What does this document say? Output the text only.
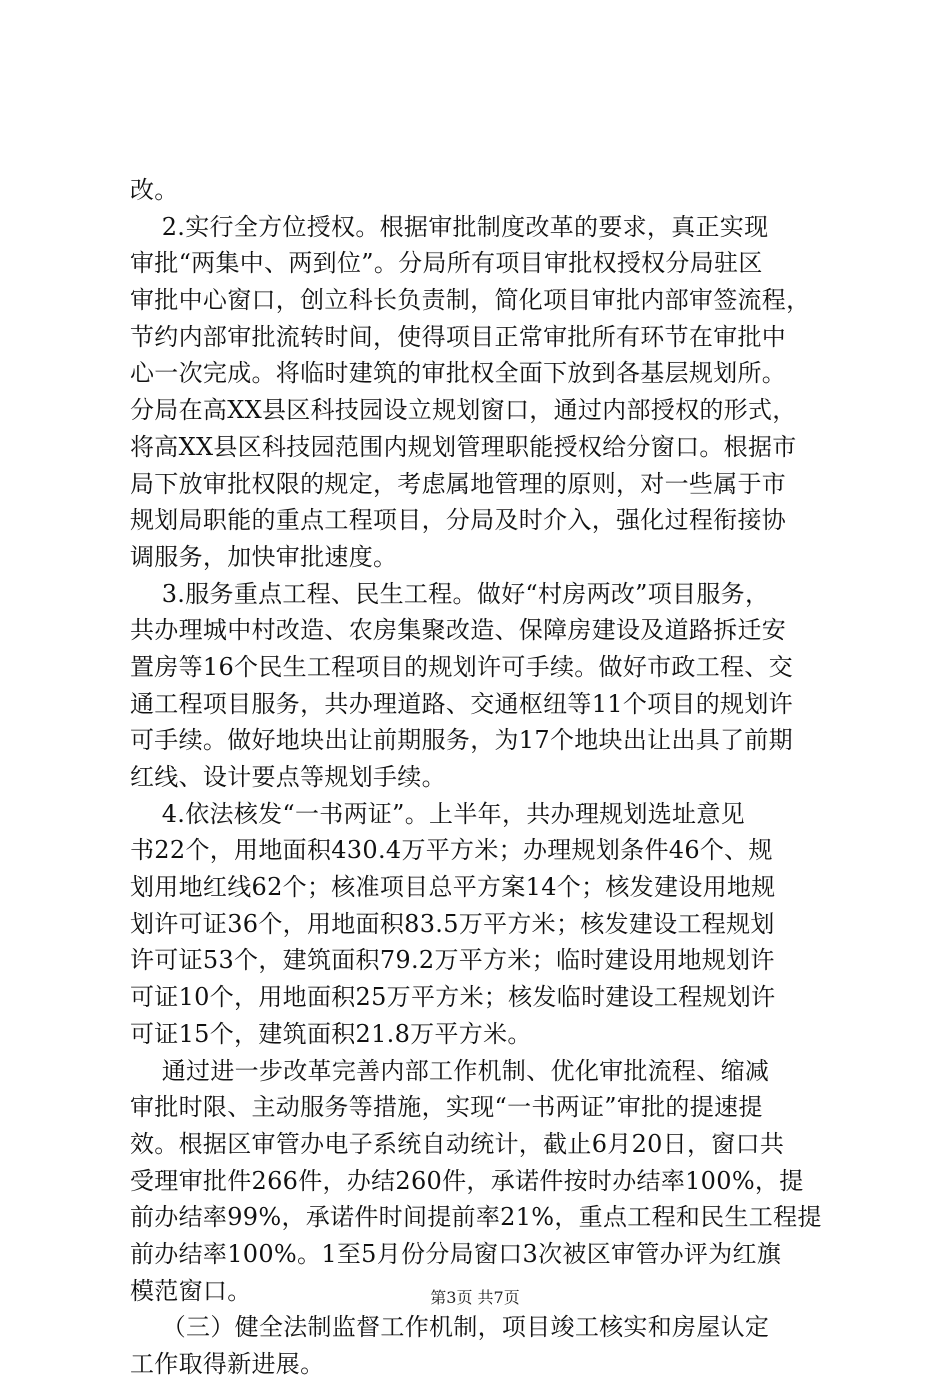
改。
2.实行全方位授权。根据审批制度改革的要求，真正实现
审批“两集中、两到位”。分局所有项目审批权授权分局驻区
审批中心窗口，创立科长负责制，简化项目审批内部审签流程，
节约内部审批流转时间，使得项目正常审批所有环节在审批中
心一次完成。将临时建筑的审批权全面下放到各基层规划所。
分局在高XX县区科技园设立规划窗口，通过内部授权的形式，
将高XX县区科技园范围内规划管理职能授权给分窗口。根据市
局下放审批权限的规定，考虑属地管理的原则，对一些属于市
规划局职能的重点工程项目，分局及时介入，强化过程衔接协
调服务，加快审批速度。
3.服务重点工程、民生工程。做好“村房两改”项目服务，
共办理城中村改造、农房集聚改造、保障房建设及道路拆迁安
置房等16个民生工程项目的规划许可手续。做好市政工程、交
通工程项目服务，共办理道路、交通枢纽等11个项目的规划许
可手续。做好地块出让前期服务，为17个地块出让出具了前期
红线、设计要点等规划手续。
4.依法核发“一书两证”。上半年，共办理规划选址意见
书22个，用地面积430.4万平方米；办理规划条件46个、规
划用地红线62个；核准项目总平方案14个；核发建设用地规
划许可证36个，用地面积83.5万平方米；核发建设工程规划
许可证53个，建筑面积79.2万平方米；临时建设用地规划许
可证10个，用地面积25万平方米；核发临时建设工程规划许
可证15个，建筑面积21.8万平方米。
通过进一步改革完善内部工作机制、优化审批流程、缩减
审批时限、主动服务等措施，实现“一书两证”审批的提速提
效。根据区审管办电子系统自动统计，截止6月20日，窗口共
受理审批件266件，办结260件，承诺件按时办结率100%，提
前办结率99%，承诺件时间提前率21%，重点工程和民生工程提
前办结率100%。1至5月份分局窗口3次被区审管办评为红旗
模范窗口。
（三）健全法制监督工作机制，项目竣工核实和房屋认定
工作取得新进展。
第3页 共7页
